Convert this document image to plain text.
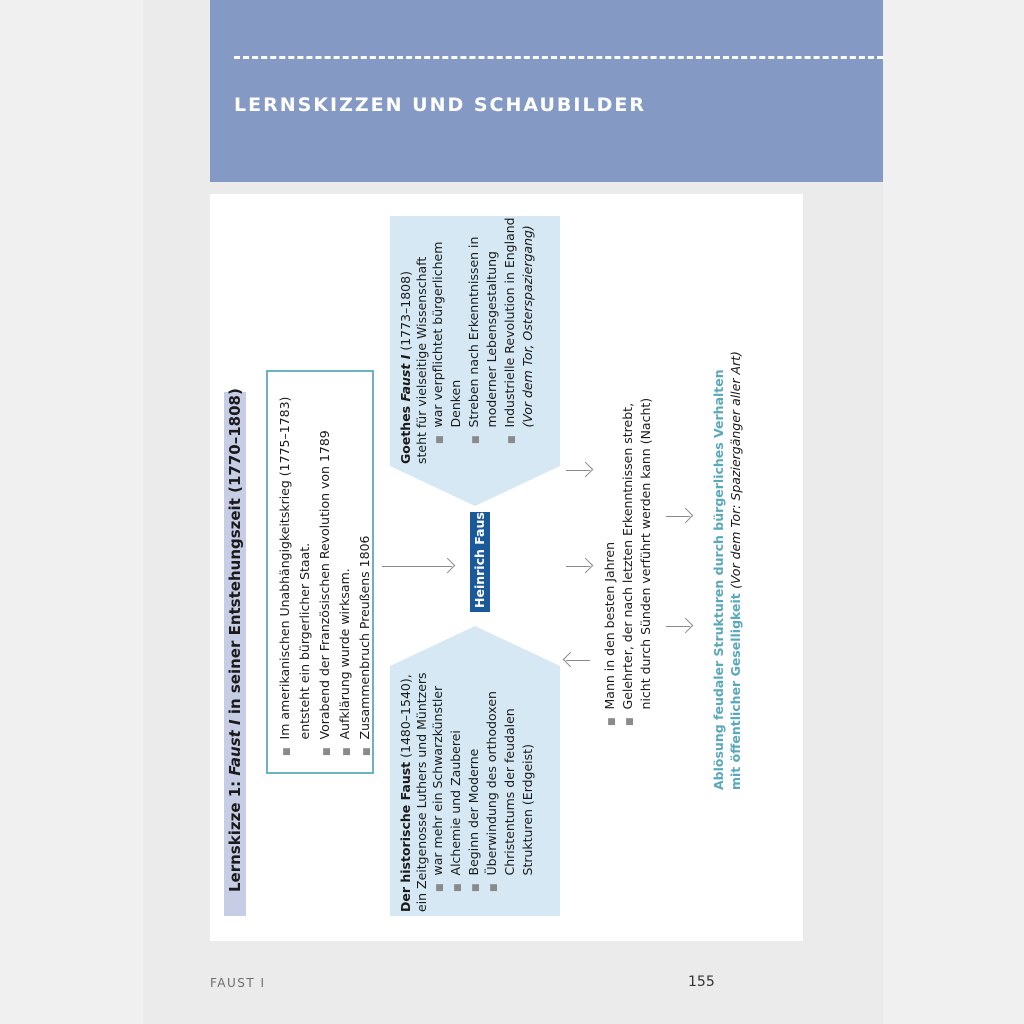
LERNSKIZZEN UND SCHAUBILDER
Lernskizze 1: Faust I in seiner Entstehungszeit (1770–1808)
■Im amerikanischen Unabhängigkeitskrieg (1775–1783) entsteht ein bürgerlicher Staat.
■Vorabend der Französischen Revolution von 1789
■Aufklärung wurde wirksam.
■Zusammenbruch Preußens 1806
Goethes Faust I (1773–1808) steht für vielseitige Wissenschaft ■war verpflichtet bürgerlichem Denken
■Streben nach Erkenntnissen in moderner Lebensgestaltung
■Industrielle Revolution in England (Vor dem Tor, Osterspaziergang)
Der historische Faust (1480–1540), ein Zeitgenosse Luthers und Müntzers ■war mehr ein Schwarzkünstler
■Alchemie und Zauberei
■Beginn der Moderne
■Überwindung des orthodoxen Christentums der feudalen Strukturen (Erdgeist)
Heinrich Faust
■Mann in den besten Jahren
■Gelehrter, der nach letzten Erkenntnissen strebt, nicht durch Sünden verführt werden kann (Nacht)	Ablösung feudaler Strukturen durch bürgerliches Verhalten mit öffentlicher Geselligkeit (Vor dem Tor: Spaziergänger aller Art)
FAUST I	155
